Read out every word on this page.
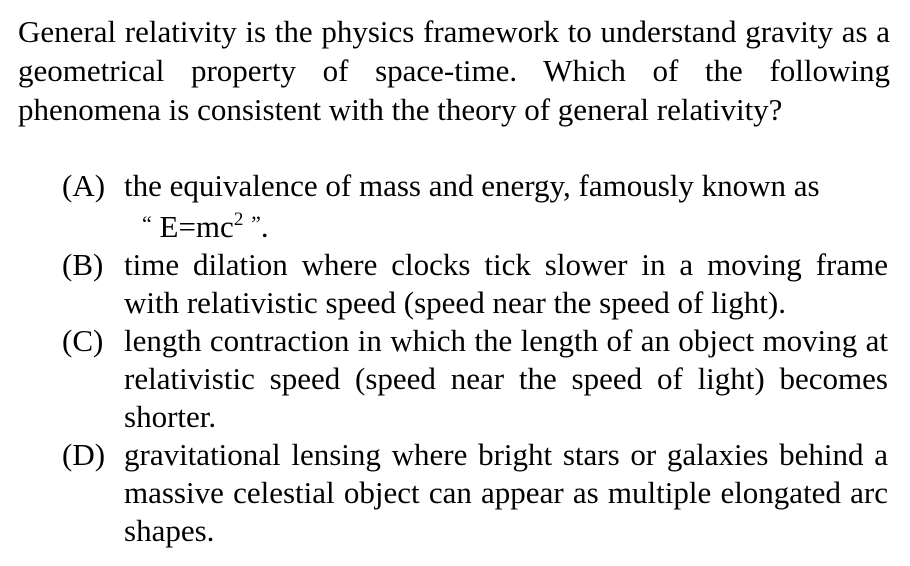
General relativity is the physics framework to understand gravity as a geometrical property of space-time. Which of the following phenomena is consistent with the theory of general relativity?

(A) the equivalence of mass and energy, famously known as
“ $E=mc^2$ ”.
(B) time dilation where clocks tick slower in a moving frame with relativistic speed (speed near the speed of light).
(C) length contraction in which the length of an object moving at relativistic speed (speed near the speed of light) becomes shorter.
(D) gravitational lensing where bright stars or galaxies behind a massive celestial object can appear as multiple elongated arc shapes.
